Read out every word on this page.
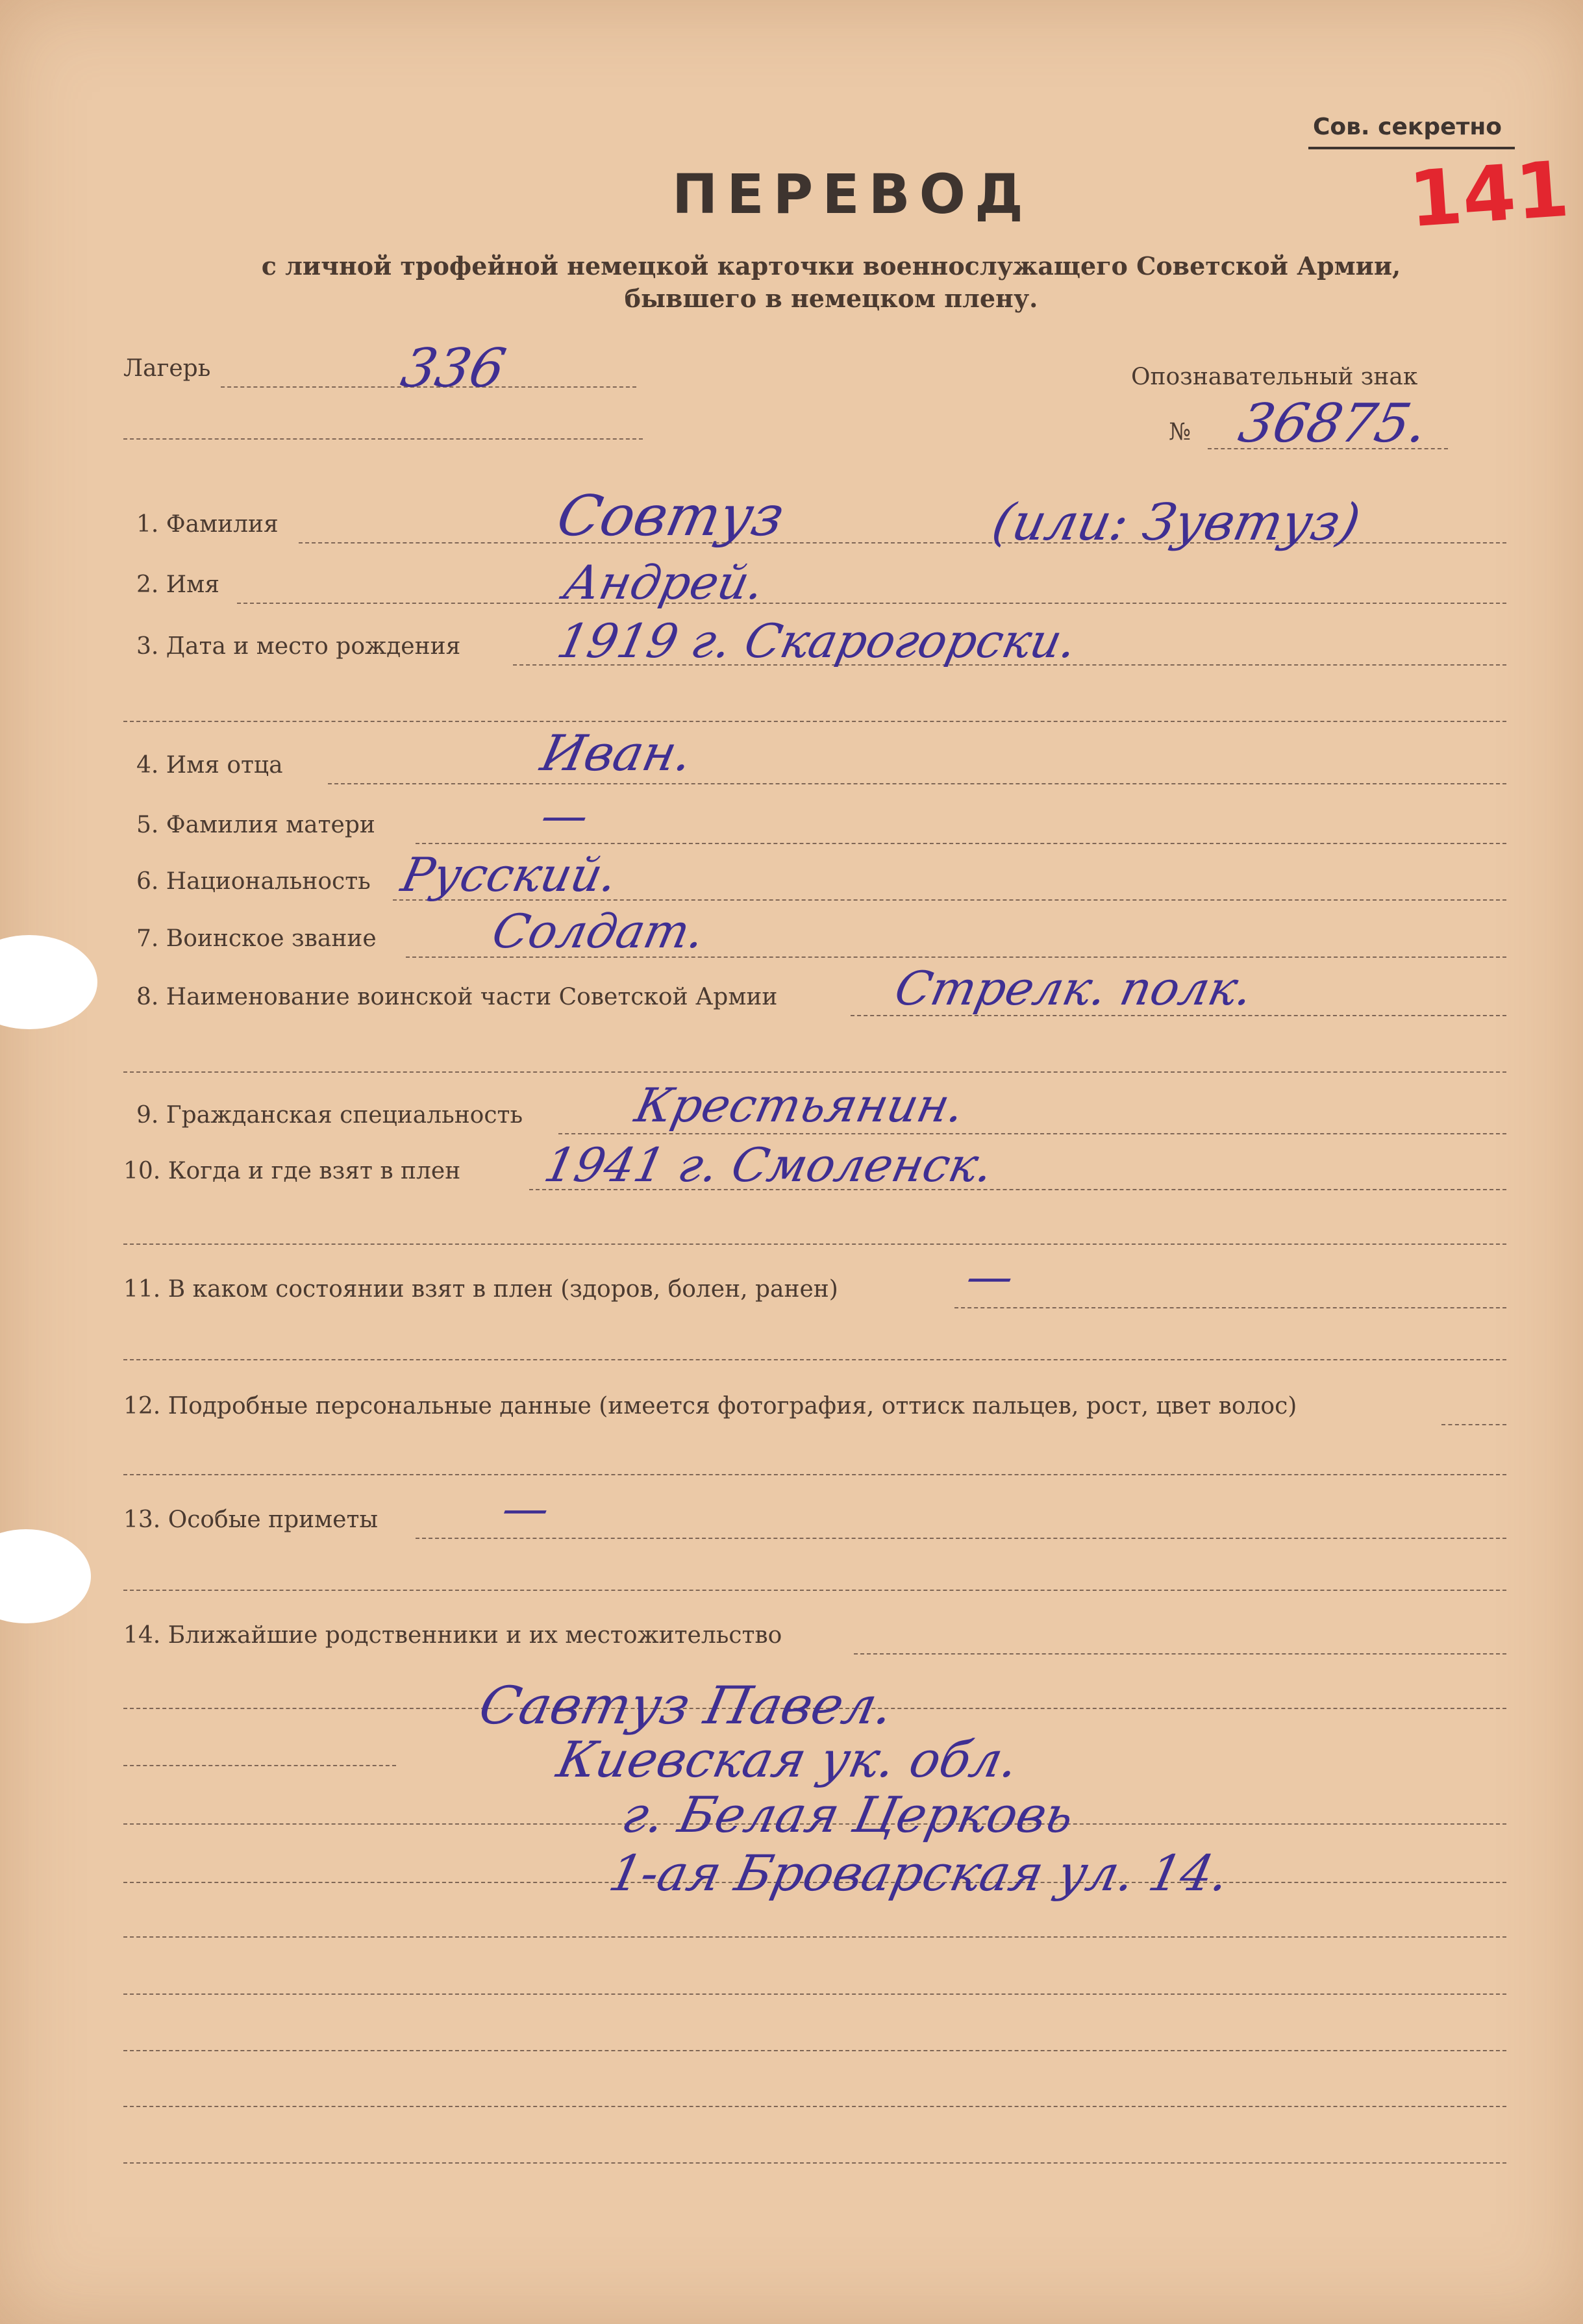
Сов. секретно
141
ПЕРЕВОД
с личной трофейной немецкой карточки военнослужащего Советской Армии, бывшего в немецком плену.
Лагерь	336	Опознавательный знак
№ 36875.
1. Фамилия	Совтуз	(или: Зувтуз)
2. Имя	Андрей.
3. Дата и место рождения 1919 г. Скарогорски.
4. Имя отца	Иван.
5. Фамилия матери	—
6. Национальность Русский.
7. Воинское звание Солдат.
8. Наименование воинской части Советской Армии Стрелк. полк.
9. Гражданская специальность Крестьянин.
10. Когда и где взят в плен 1941 г. Смоленск.
11. В каком состоянии взят в плен (здоров, болен, ранен)	—
12. Подробные персональные данные (имеется фотография, оттиск пальцев, рост, цвет волос)
13. Особые приметы	—
14. Ближайшие родственники и их местожительство
Савтуз Павел.
Киевская ук. обл.
г. Белая Церковь
1-ая Броварская ул. 14.
